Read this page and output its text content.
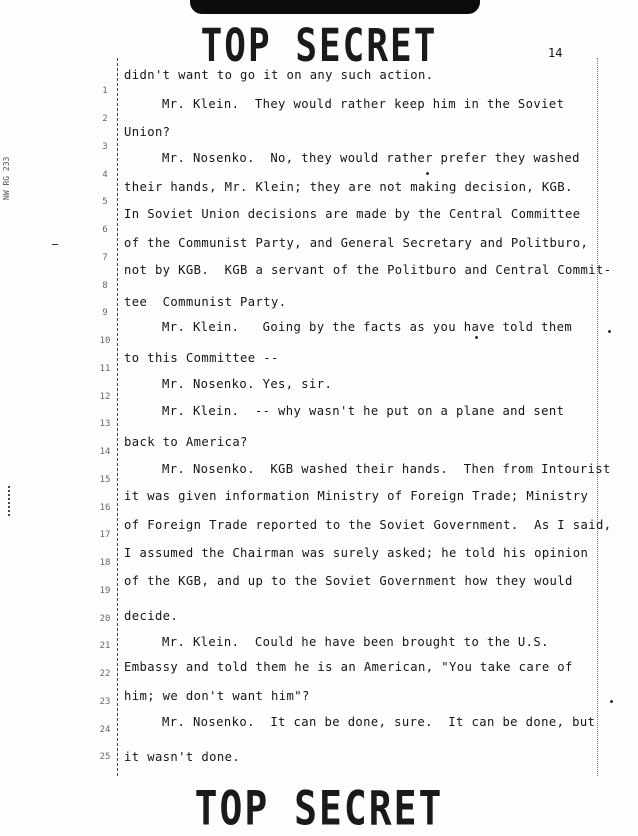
TOP SECRET	14
NW RG 233
1
2
3
4
5
6
7
8
9
10
11
12
13
14
15
16
17
18
19
20
21
22
23
24
25
didn't want to go it on any such action.
Mr. Klein.  They would rather keep him in the Soviet
Union?
Mr. Nosenko.  No, they would rather prefer they washed
their hands, Mr. Klein; they are not making decision, KGB.
In Soviet Union decisions are made by the Central Committee
of the Communist Party, and General Secretary and Politburo,
not by KGB.  KGB a servant of the Politburo and Central Commit-
tee  Communist Party.
Mr. Klein.   Going by the facts as you have told them
to this Committee --
Mr. Nosenko. Yes, sir.
Mr. Klein.  -- why wasn't he put on a plane and sent
back to America?
Mr. Nosenko.  KGB washed their hands.  Then from Intourist
it was given information Ministry of Foreign Trade; Ministry
of Foreign Trade reported to the Soviet Government.  As I said,
I assumed the Chairman was surely asked; he told his opinion
of the KGB, and up to the Soviet Government how they would
decide.
Mr. Klein.  Could he have been brought to the U.S.
Embassy and told them he is an American, "You take care of
him; we don't want him"?
Mr. Nosenko.  It can be done, sure.  It can be done, but
it wasn't done.
TOP SECRET
